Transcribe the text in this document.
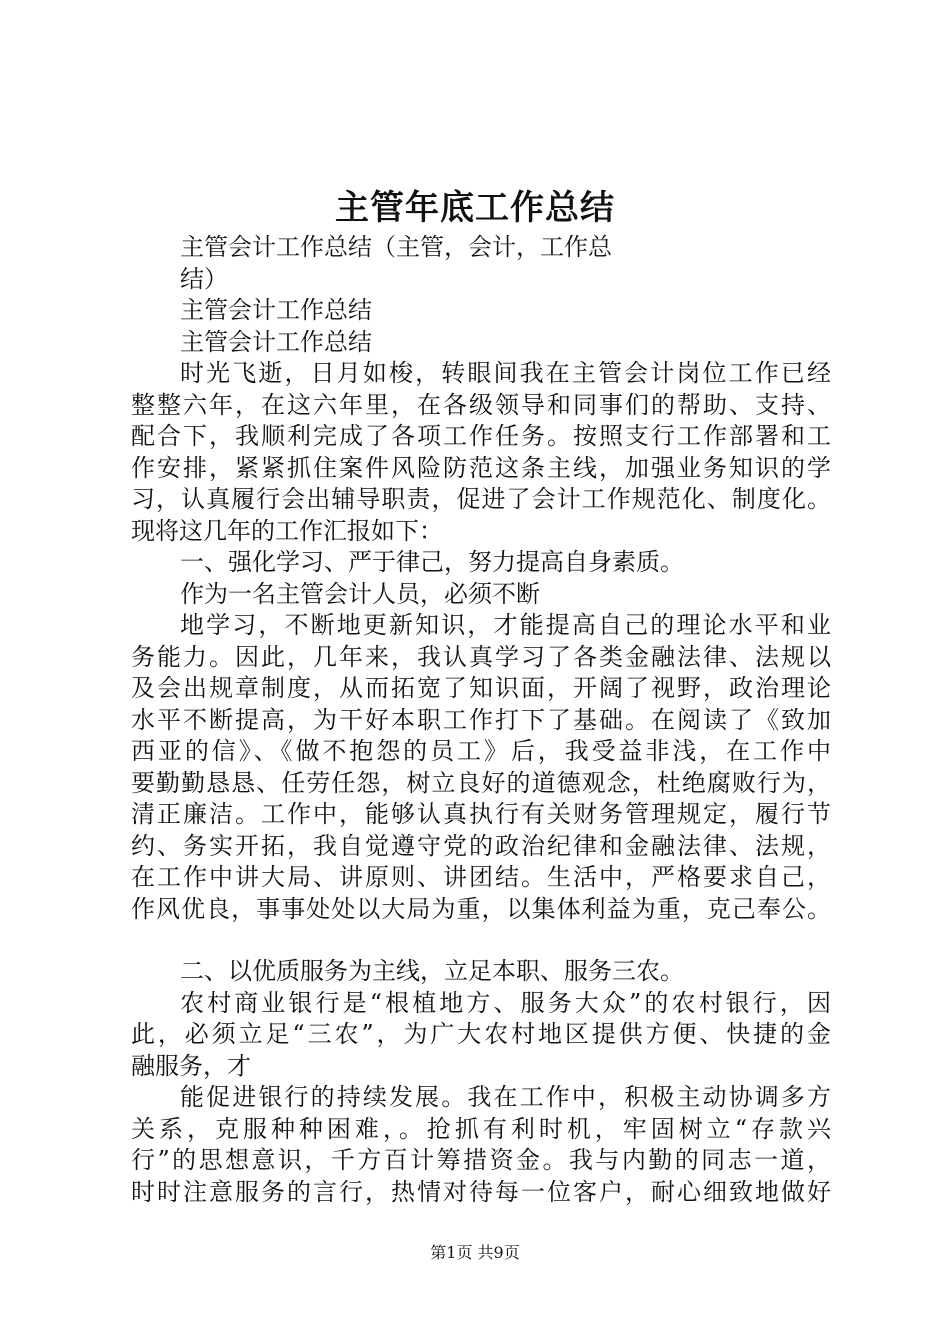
主管年底工作总结
主管会计工作总结（主管，会计，工作总
结）
主管会计工作总结
主管会计工作总结
时光飞逝，日月如梭，转眼间我在主管会计岗位工作已经
整整六年，在这六年里，在各级领导和同事们的帮助、支持、
配合下，我顺利完成了各项工作任务。按照支行工作部署和工
作安排，紧紧抓住案件风险防范这条主线，加强业务知识的学
习，认真履行会出辅导职责，促进了会计工作规范化、制度化。
现将这几年的工作汇报如下：
一、强化学习、严于律己，努力提高自身素质。
作为一名主管会计人员，必须不断
地学习，不断地更新知识，才能提高自己的理论水平和业
务能力。因此，几年来，我认真学习了各类金融法律、法规以
及会出规章制度，从而拓宽了知识面，开阔了视野，政治理论
水平不断提高，为干好本职工作打下了基础。在阅读了《致加
西亚的信》、《做不抱怨的员工》后，我受益非浅，在工作中
要勤勤恳恳、任劳任怨，树立良好的道德观念，杜绝腐败行为，
清正廉洁。工作中，能够认真执行有关财务管理规定，履行节
约、务实开拓，我自觉遵守党的政治纪律和金融法律、法规，
在工作中讲大局、讲原则、讲团结。生活中，严格要求自己，
作风优良，事事处处以大局为重，以集体利益为重，克己奉公。
二、以优质服务为主线，立足本职、服务三农。
农村商业银行是“根植地方、服务大众”的农村银行，因
此，必须立足“三农”，为广大农村地区提供方便、快捷的金
融服务，才
能促进银行的持续发展。我在工作中，积极主动协调多方
关系，克服种种困难，。抢抓有利时机，牢固树立“存款兴
行”的思想意识，千方百计筹措资金。我与内勤的同志一道，
时时注意服务的言行，热情对待每一位客户，耐心细致地做好
第1页 共9页
